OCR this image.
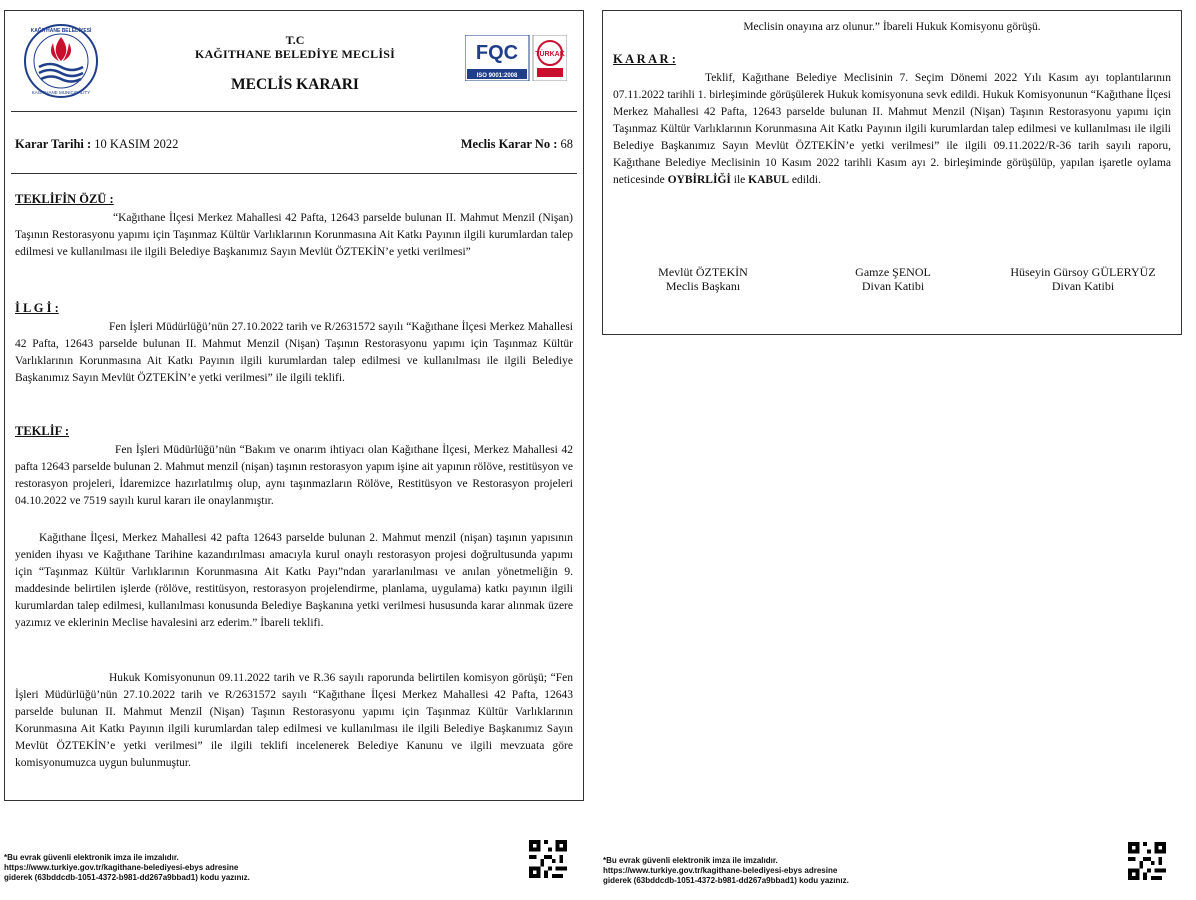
KAĞITHANE BELEDİYESİ
KAGITHANE MUNICIPALITY
T.C
KAĞITHANE BELEDİYE MECLİSİ
MECLİS KARARI
FQC
ISO 9001:2008
TÜRKAK
Karar Tarihi : 10 KASIM 2022	Meclis Karar No : 68
TEKLİFİN ÖZÜ :
“Kağıthane İlçesi Merkez Mahallesi 42 Pafta, 12643 parselde bulunan II. Mahmut Menzil (Nişan) Taşının Restorasyonu yapımı için Taşınmaz Kültür Varlıklarının Korunmasına Ait Katkı Payının ilgili kurumlardan talep edilmesi ve kullanılması ile ilgili Belediye Başkanımız Sayın Mevlüt ÖZTEKİN’e yetki verilmesi”
İ L G İ :
Fen İşleri Müdürlüğü’nün 27.10.2022 tarih ve R/2631572 sayılı “Kağıthane İlçesi Merkez Mahallesi 42 Pafta, 12643 parselde bulunan II. Mahmut Menzil (Nişan) Taşının Restorasyonu yapımı için Taşınmaz Kültür Varlıklarının Korunmasına Ait Katkı Payının ilgili kurumlardan talep edilmesi ve kullanılması ile ilgili Belediye Başkanımız Sayın Mevlüt ÖZTEKİN’e yetki verilmesi” ile ilgili teklifi.
TEKLİF :
Fen İşleri Müdürlüğü’nün “Bakım ve onarım ihtiyacı olan Kağıthane İlçesi, Merkez Mahallesi 42 pafta 12643 parselde bulunan 2. Mahmut menzil (nişan) taşının restorasyon yapım işine ait yapının rölöve, restitüsyon ve restorasyon projeleri, İdaremizce hazırlatılmış olup, aynı taşınmazların Rölöve, Restitüsyon ve Restorasyon projeleri 04.10.2022 ve 7519 sayılı kurul kararı ile onaylanmıştır.
Kağıthane İlçesi, Merkez Mahallesi 42 pafta 12643 parselde bulunan 2. Mahmut menzil (nişan) taşının yapısının yeniden ihyası ve Kağıthane Tarihine kazandırılması amacıyla kurul onaylı restorasyon projesi doğrultusunda yapımı için “Taşınmaz Kültür Varlıklarının Korunmasına Ait Katkı Payı”ndan yararlanılması ve anılan yönetmeliğin 9. maddesinde belirtilen işlerde (rölöve, restitüsyon, restorasyon projelendirme, planlama, uygulama) katkı payının ilgili kurumlardan talep edilmesi, kullanılması konusunda Belediye Başkanına yetki verilmesi hususunda karar alınmak üzere yazımız ve eklerinin Meclise havalesini arz ederim.” İbareli teklifi.
Hukuk Komisyonunun 09.11.2022 tarih ve R.36 sayılı raporunda belirtilen komisyon görüşü; “Fen İşleri Müdürlüğü’nün 27.10.2022 tarih ve R/2631572 sayılı “Kağıthane İlçesi Merkez Mahallesi 42 Pafta, 12643 parselde bulunan II. Mahmut Menzil (Nişan) Taşının Restorasyonu yapımı için Taşınmaz Kültür Varlıklarının Korunmasına Ait Katkı Payının ilgili kurumlardan talep edilmesi ve kullanılması ile ilgili Belediye Başkanımız Sayın Mevlüt ÖZTEKİN’e yetki verilmesi” ile ilgili teklifi incelenerek Belediye Kanunu ve ilgili mevzuata göre komisyonumuzca uygun bulunmuştur.
Meclisin onayına arz olunur.” İbareli Hukuk Komisyonu görüşü.
K A R A R :
Teklif, Kağıthane Belediye Meclisinin 7. Seçim Dönemi 2022 Yılı Kasım ayı toplantılarının 07.11.2022 tarihli 1. birleşiminde görüşülerek Hukuk komisyonuna sevk edildi. Hukuk Komisyonunun “Kağıthane İlçesi Merkez Mahallesi 42 Pafta, 12643 parselde bulunan II. Mahmut Menzil (Nişan) Taşının Restorasyonu yapımı için Taşınmaz Kültür Varlıklarının Korunmasına Ait Katkı Payının ilgili kurumlardan talep edilmesi ve kullanılması ile ilgili Belediye Başkanımız Sayın Mevlüt ÖZTEKİN’e yetki verilmesi” ile ilgili 09.11.2022/R-36 tarih sayılı raporu, Kağıthane Belediye Meclisinin 10 Kasım 2022 tarihli Kasım ayı 2. birleşiminde görüşülüp, yapılan işaretle oylama neticesinde OYBİRLİĞİ ile KABUL edildi.
Mevlüt ÖZTEKİN
Meclis Başkanı
Gamze ŞENOL
Divan Katibi
Hüseyin Gürsoy GÜLERYÜZ
Divan Katibi
*Bu evrak güvenli elektronik imza ile imzalıdır.
https://www.turkiye.gov.tr/kagithane-belediyesi-ebys adresine
giderek (63bddcdb-1051-4372-b981-dd267a9bbad1) kodu yazınız.
*Bu evrak güvenli elektronik imza ile imzalıdır.
https://www.turkiye.gov.tr/kagithane-belediyesi-ebys adresine
giderek (63bddcdb-1051-4372-b981-dd267a9bbad1) kodu yazınız.
